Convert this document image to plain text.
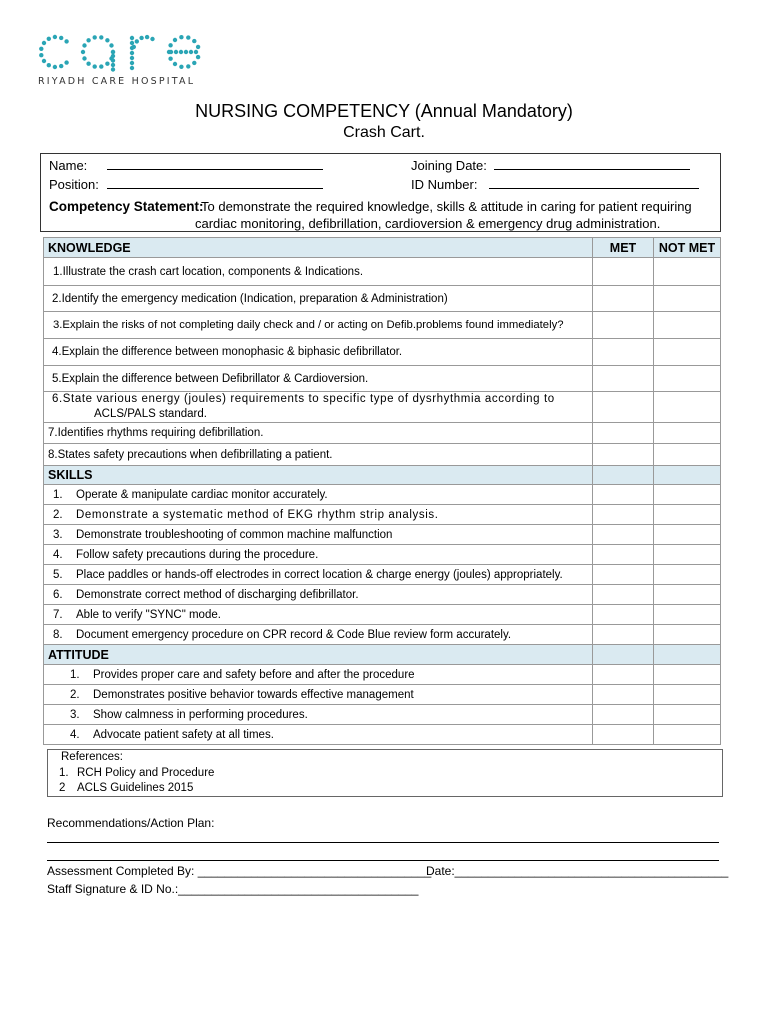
RIYADH CARE HOSPITAL
NURSING COMPETENCY (Annual Mandatory)
Crash Cart.
Name:	Joining Date:
Position:	ID Number:
Competency Statement:
To demonstrate the required knowledge, skills & attitude in caring for patient requiring
cardiac monitoring, defibrillation, cardioversion & emergency drug administration.
KNOWLEDGE	MET	NOT MET
1.Illustrate the crash cart location, components & Indications.		
2.Identify the emergency medication (Indication, preparation & Administration)		
3.Explain the risks of not completing daily check and / or acting on Defib.problems found immediately?		
4.Explain the difference between monophasic & biphasic defibrillator.		
5.Explain the difference between Defibrillator & Cardioversion.		

6.State various energy (joules) requirements to specific type of dysrhythmia according to
ACLS/PALS standard.		

7.Identifies rhythms requiring defibrillation.		
8.States safety precautions when defibrillating a patient.		
SKILLS		
1. Operate & manipulate cardiac monitor accurately.		
2. Demonstrate a systematic method of EKG rhythm strip analysis.		
3. Demonstrate troubleshooting of common machine malfunction		
4. Follow safety precautions during the procedure.		
5. Place paddles or hands-off electrodes in correct location & charge energy (joules) appropriately.		
6. Demonstrate correct method of discharging defibrillator.		
7. Able to verify "SYNC" mode.		
8. Document emergency procedure on CPR record & Code Blue review form accurately.		
ATTITUDE		
1. Provides proper care and safety before and after the procedure		
2. Demonstrates positive behavior towards effective management		
3. Show calmness in performing procedures.		
4. Advocate patient safety at all times.		
References:
1. RCH Policy and Procedure
2 ACLS Guidelines 2015
Recommendations/Action Plan:
Assessment Completed By: ___________________________________
Date:_________________________________________
Staff Signature & ID No.:____________________________________
